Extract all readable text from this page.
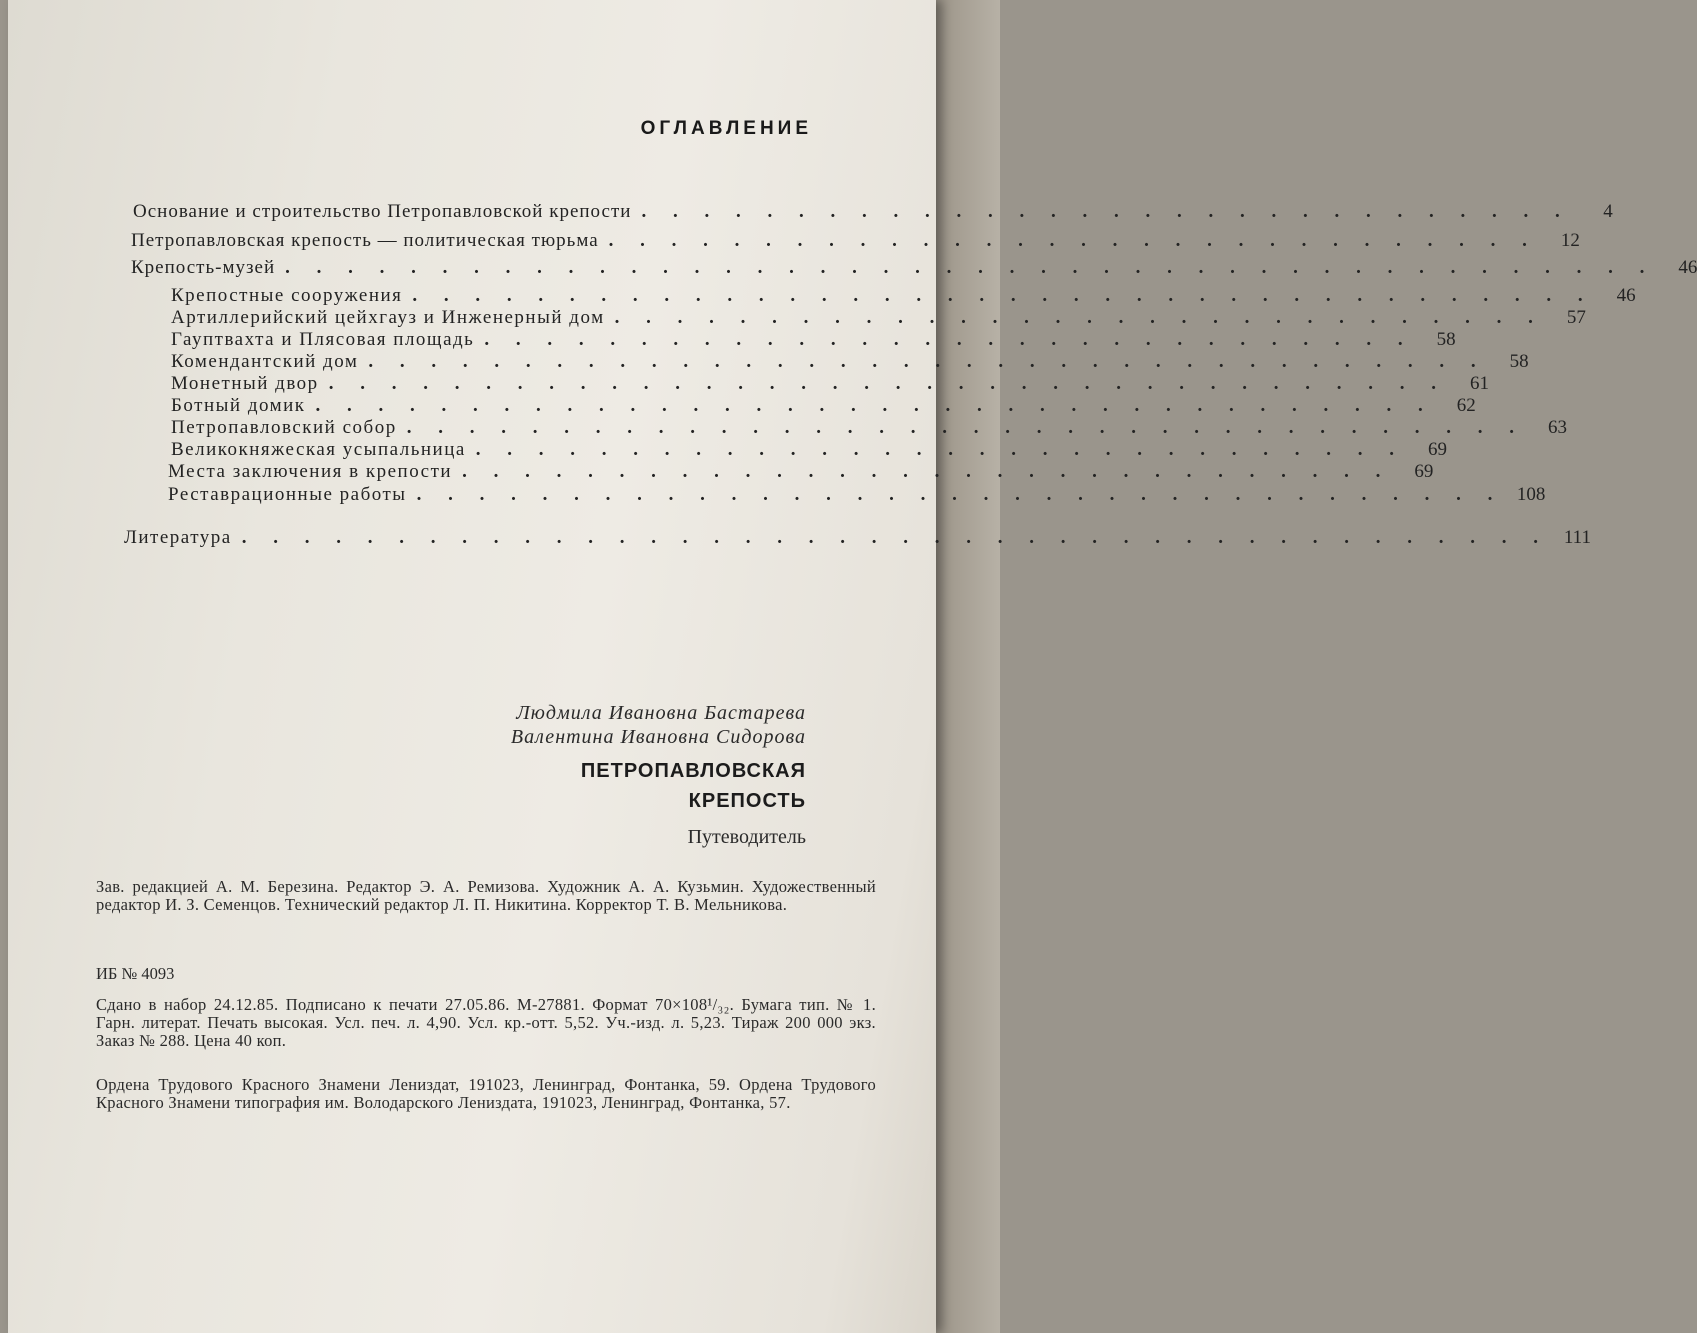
ОГЛАВЛЕНИЕ
Основание и строительство Петропавловской крепости . . . . . . . . . . . . . . . . . . . . . . . . . . . . . .	4
Петропавловская крепость — политическая тюрьма . . . . . . . . . . . . . . . . . . . . . . . . . . . . . .	12
Крепость-музей . . . . . . . . . . . . . . . . . . . . . . . . . . . . . . . . . . . . . . . . . . . .	46
Крепостные сооружения . . . . . . . . . . . . . . . . . . . . . . . . . . . . . . . . . . . . . .	46
Артиллерийский цейхгауз и Инженерный дом . . . . . . . . . . . . . . . . . . . . . . . . . . . . . .	57
Гауптвахта и Плясовая площадь . . . . . . . . . . . . . . . . . . . . . . . . . . . . . .	58
Комендантский дом . . . . . . . . . . . . . . . . . . . . . . . . . . . . . . . . . . . .	58
Монетный двор . . . . . . . . . . . . . . . . . . . . . . . . . . . . . . . . . . . .	61
Ботный домик . . . . . . . . . . . . . . . . . . . . . . . . . . . . . . . . . . . .	62
Петропавловский собор . . . . . . . . . . . . . . . . . . . . . . . . . . . . . . . . . . . .	63
Великокняжеская усыпальница . . . . . . . . . . . . . . . . . . . . . . . . . . . . . .	69
Места заключения в крепости . . . . . . . . . . . . . . . . . . . . . . . . . . . . . .	69
Реставрационные работы . . . . . . . . . . . . . . . . . . . . . . . . . . . . . . . . . . . 108
Литература . . . . . . . . . . . . . . . . . . . . . . . . . . . . . . . . . . . . . . . . . . 111
Людмила Ивановна Бастарева
Валентина Ивановна Сидорова
ПЕТРОПАВЛОВСКАЯ
КРЕПОСТЬ
Путеводитель
Зав. редакцией А. М. Березина. Редактор Э. А. Ремизова. Художник А. А. Кузьмин. Художественный редактор И. З. Семенцов. Технический редактор Л. П. Никитина. Корректор Т. В. Мельникова.
ИБ № 4093
Сдано в набор 24.12.85. Подписано к печати 27.05.86. М-27881. Формат 70×108¹/₃₂. Бумага тип. № 1. Гарн. литерат. Печать высокая. Усл. печ. л. 4,90. Усл. кр.-отт. 5,52. Уч.-изд. л. 5,23. Тираж 200 000 экз. Заказ № 288. Цена 40 коп.
Ордена Трудового Красного Знамени Лениздат, 191023, Ленинград, Фонтанка, 59. Ордена Трудового Красного Знамени типография им. Володарского Лениздата, 191023, Ленинград, Фонтанка, 57.
